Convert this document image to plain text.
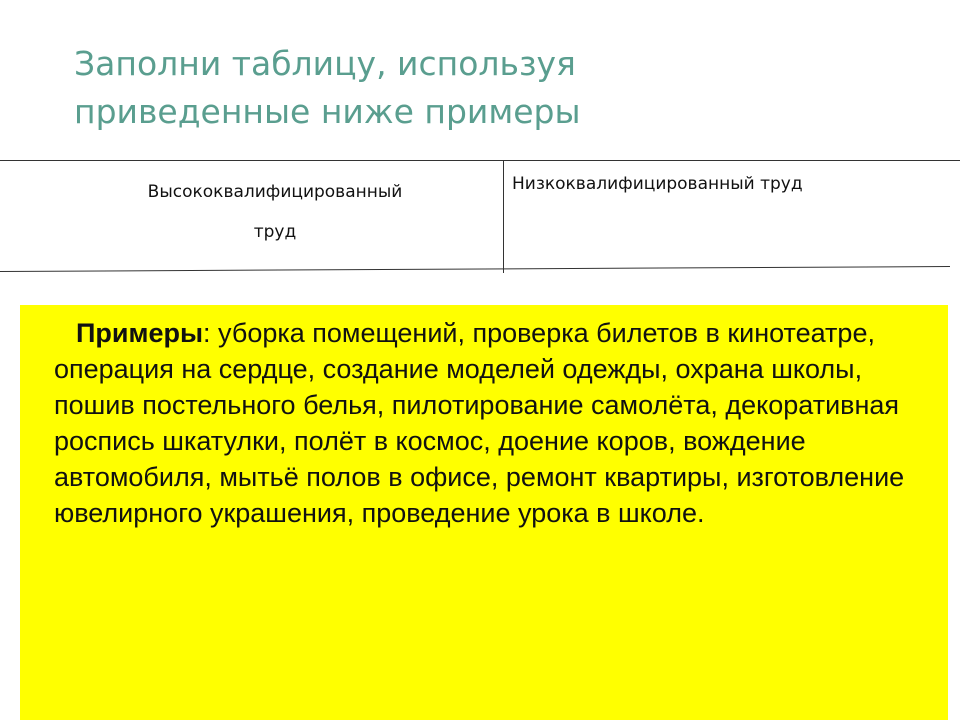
Заполни таблицу, используя
приведенные ниже примеры
Высококвалифицированный
труд
Низкоквалифицированный труд
Примеры: уборка помещений, проверка билетов в кинотеатре, операция на сердце, создание моделей одежды, охрана школы, пошив постельного белья, пилотирование самолёта, декоративная роспись шкатулки, полёт в космос, доение коров, вождение автомобиля, мытьё полов в офисе, ремонт квартиры, изготовление ювелирного украшения, проведение урока в школе.
